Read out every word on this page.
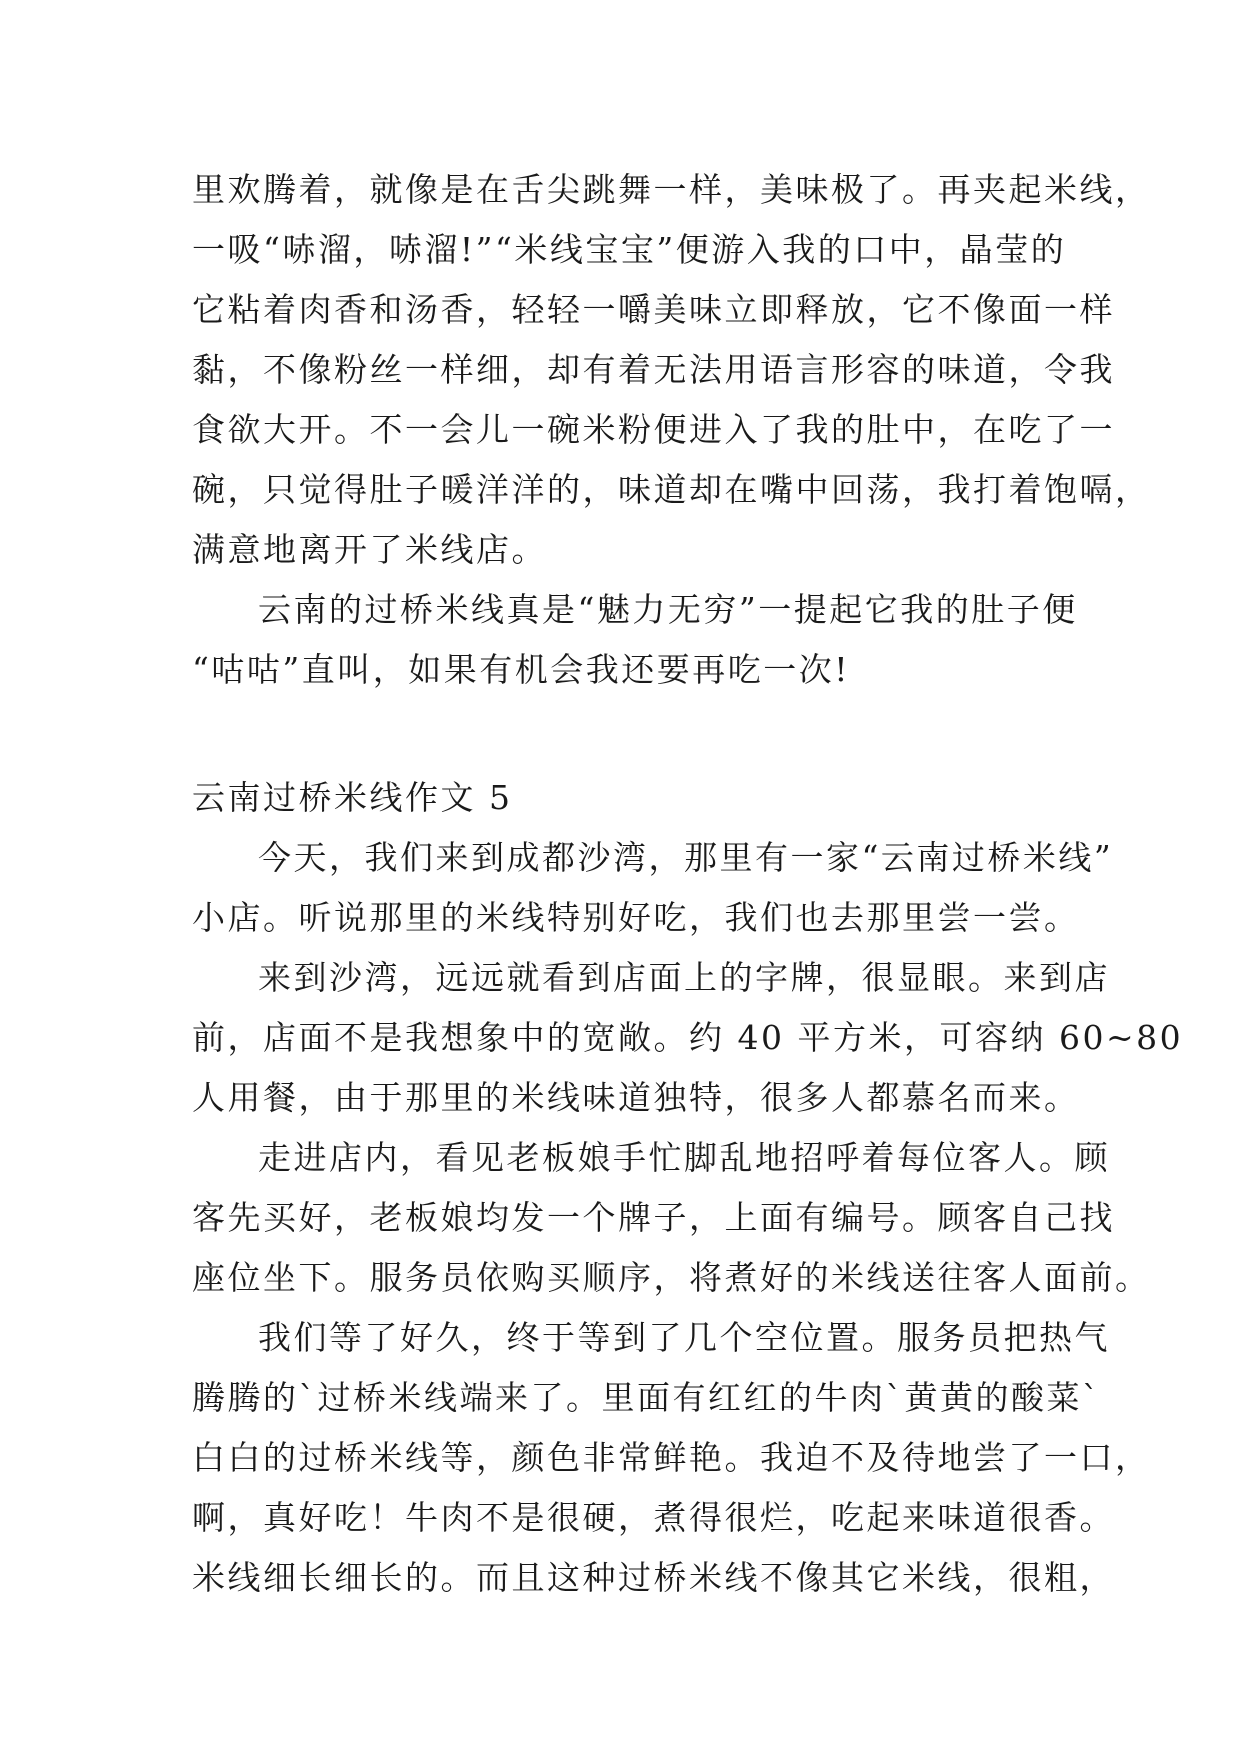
里欢腾着，就像是在舌尖跳舞一样，美味极了。再夹起米线，
一吸“哧溜，哧溜!”“米线宝宝”便游入我的口中，晶莹的
它粘着肉香和汤香，轻轻一嚼美味立即释放，它不像面一样
黏，不像粉丝一样细，却有着无法用语言形容的味道，令我
食欲大开。不一会儿一碗米粉便进入了我的肚中，在吃了一
碗，只觉得肚子暖洋洋的，味道却在嘴中回荡，我打着饱嗝，
满意地离开了米线店。
云南的过桥米线真是“魅力无穷”一提起它我的肚子便
“咕咕”直叫，如果有机会我还要再吃一次!
云南过桥米线作文 5
今天，我们来到成都沙湾，那里有一家“云南过桥米线”
小店。听说那里的米线特别好吃，我们也去那里尝一尝。
来到沙湾，远远就看到店面上的字牌，很显眼。来到店
前，店面不是我想象中的宽敞。约 40 平方米，可容纳 60~80
人用餐，由于那里的米线味道独特，很多人都慕名而来。
走进店内，看见老板娘手忙脚乱地招呼着每位客人。顾
客先买好，老板娘均发一个牌子，上面有编号。顾客自己找
座位坐下。服务员依购买顺序，将煮好的米线送往客人面前。
我们等了好久，终于等到了几个空位置。服务员把热气
腾腾的`过桥米线端来了。里面有红红的牛肉`黄黄的酸菜`
白白的过桥米线等，颜色非常鲜艳。我迫不及待地尝了一口，
啊，真好吃！牛肉不是很硬，煮得很烂，吃起来味道很香。
米线细长细长的。而且这种过桥米线不像其它米线，很粗，
